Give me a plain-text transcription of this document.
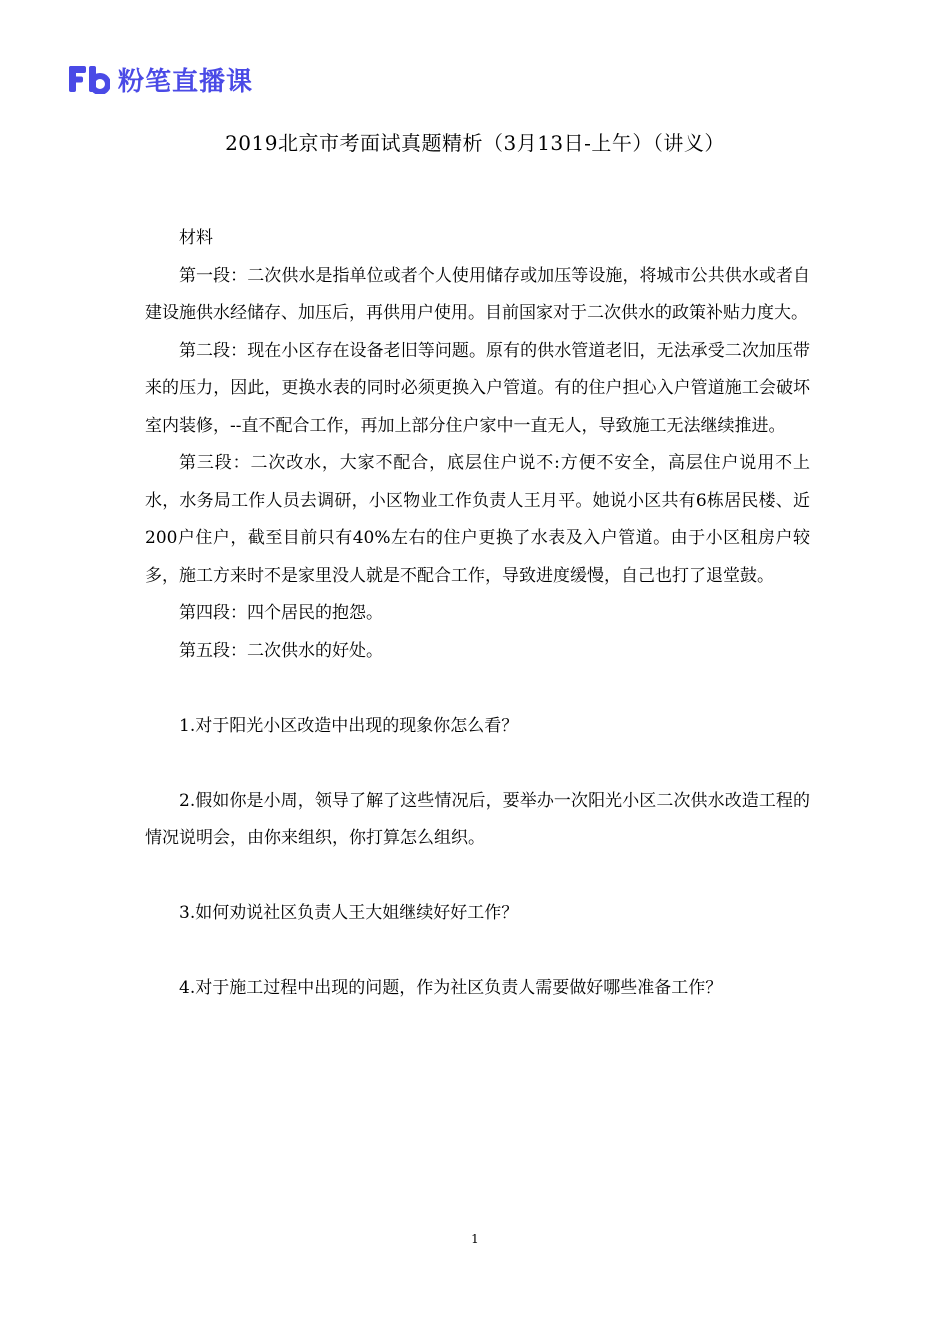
粉笔直播课
2019北京市考面试真题精析（3月13日-上午）（讲义）

材料

第一段：二次供水是指单位或者个人使用储存或加压等设施，将城市公共供水或者自建设施供水经储存、加压后，再供用户使用。目前国家对于二次供水的政策补贴力度大。

第二段：现在小区存在设备老旧等问题。原有的供水管道老旧，无法承受二次加压带来的压力，因此，更换水表的同时必须更换入户管道。有的住户担心入户管道施工会破坏室内装修，--直不配合工作，再加上部分住户家中一直无人，导致施工无法继续推进。

第三段：二次改水，大家不配合，底层住户说不:方便不安全，高层住户说用不上水，水务局工作人员去调研，小区物业工作负责人王月平。她说小区共有6栋居民楼、近200户住户，截至目前只有40%左右的住户更换了水表及入户管道。由于小区租房户较多，施工方来时不是家里没人就是不配合工作，导致进度缓慢，自己也打了退堂鼓。

第四段：四个居民的抱怨。

第五段：二次供水的好处。

1.对于阳光小区改造中出现的现象你怎么看？

2.假如你是小周，领导了解了这些情况后，要举办一次阳光小区二次供水改造工程的情况说明会，由你来组织，你打算怎么组织。

3.如何劝说社区负责人王大姐继续好好工作？

4.对于施工过程中出现的问题，作为社区负责人需要做好哪些准备工作？

1
